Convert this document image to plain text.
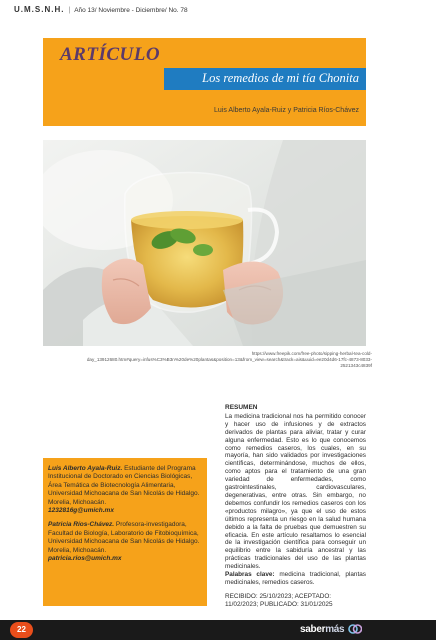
U.M.S.N.H. | Año 13/ Noviembre - Diciembre/ No. 78
ARTÍCULO
Los remedios de mi tía Chonita
Luis Alberto Ayala-Ruiz y Patricia Ríos-Chávez
https://www.freepik.com/free-photo/sipping-herbal-tea-cold-day_13912680.htm#query=infus%C3%B3n%20de%20plantas&position=13&from_view=search&track=ais&uuid=ee20d4d6-17fc-4873-8033-2521343c4839f

Luis Alberto Ayala-Ruiz. Estudiante del Programa Institucional de Doctorado en Ciencias Biológicas, Área Temática de Biotecnología Alimentaria, Universidad Michoacana de San Nicolás de Hidalgo. Morelia, Michoacán.
1232816g@umich.mx

Patricia Ríos-Chávez. Profesora-investigadora, Facultad de Biología, Laboratorio de Fitobioquímica, Universidad Michoacana de San Nicolás de Hidalgo. Morelia, Michoacán.
patricia.rios@umich.mx

RESUMEN
La medicina tradicional nos ha permitido conocer y hacer uso de infusiones y de extractos derivados de plantas para aliviar, tratar y curar alguna enfermedad. Esto es lo que conocemos como remedios caseros, los cuales, en su mayoría, han sido validados por investigaciones científicas, determinándose, muchos de ellos, como aptos para el tratamiento de una gran variedad de enfermedades, como gastrointestinales, cardiovasculares, degenerativas, entre otras. Sin embargo, no debemos confundir los remedios caseros con los «productos milagro», ya que el uso de estos últimos representa un riesgo en la salud humana debido a la falta de pruebas que demuestren su eficacia. En este artículo resaltamos lo esencial de la investigación científica para conseguir un equilibrio entre la sabiduría ancestral y las prácticas tradicionales del uso de las plantas medicinales.
Palabras clave: medicina tradicional, plantas medicinales, remedios caseros.
RECIBIDO: 25/10/2023; ACEPTADO: 11/02/2023; PUBLICADO: 31/01/2025
22	sabermás
